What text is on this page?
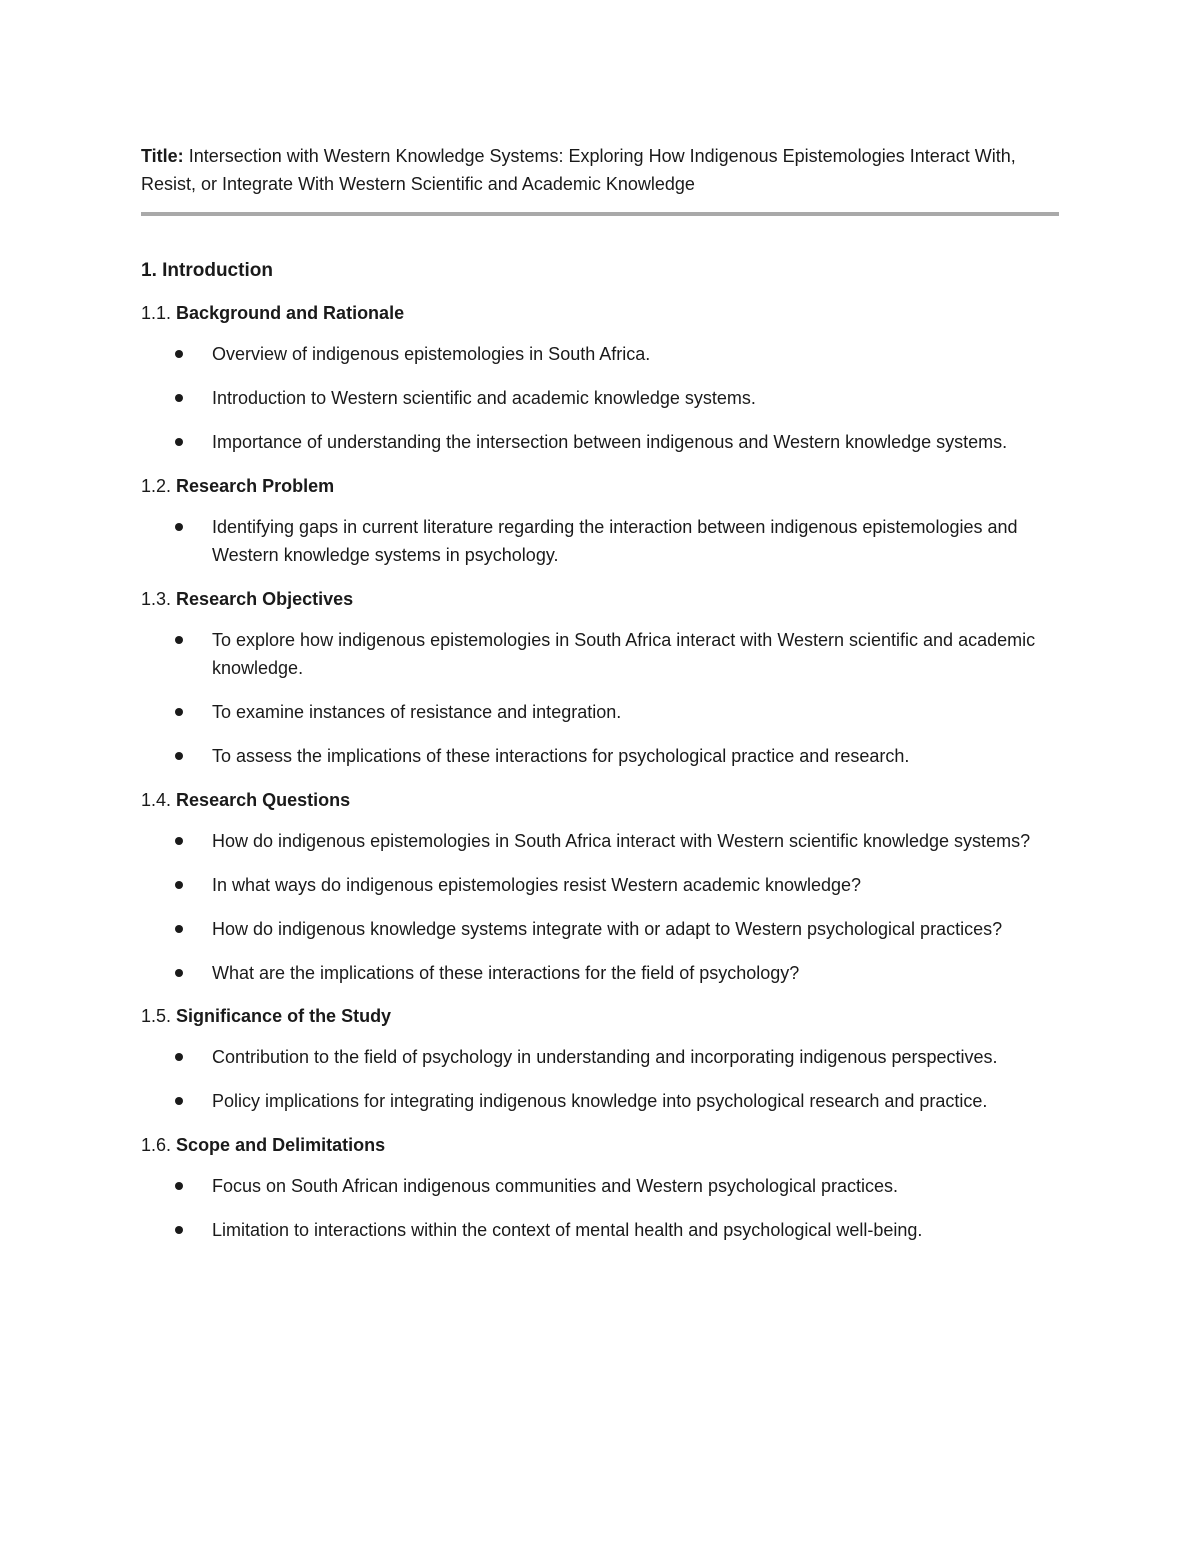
Title: Intersection with Western Knowledge Systems: Exploring How Indigenous Epistemologies Interact With, Resist, or Integrate With Western Scientific and Academic Knowledge
1. Introduction
1.1. Background and Rationale
Overview of indigenous epistemologies in South Africa.
Introduction to Western scientific and academic knowledge systems.
Importance of understanding the intersection between indigenous and Western knowledge systems.
1.2. Research Problem
Identifying gaps in current literature regarding the interaction between indigenous epistemologies and Western knowledge systems in psychology.
1.3. Research Objectives
To explore how indigenous epistemologies in South Africa interact with Western scientific and academic knowledge.
To examine instances of resistance and integration.
To assess the implications of these interactions for psychological practice and research.
1.4. Research Questions
How do indigenous epistemologies in South Africa interact with Western scientific knowledge systems?
In what ways do indigenous epistemologies resist Western academic knowledge?
How do indigenous knowledge systems integrate with or adapt to Western psychological practices?
What are the implications of these interactions for the field of psychology?
1.5. Significance of the Study
Contribution to the field of psychology in understanding and incorporating indigenous perspectives.
Policy implications for integrating indigenous knowledge into psychological research and practice.
1.6. Scope and Delimitations
Focus on South African indigenous communities and Western psychological practices.
Limitation to interactions within the context of mental health and psychological well-being.
